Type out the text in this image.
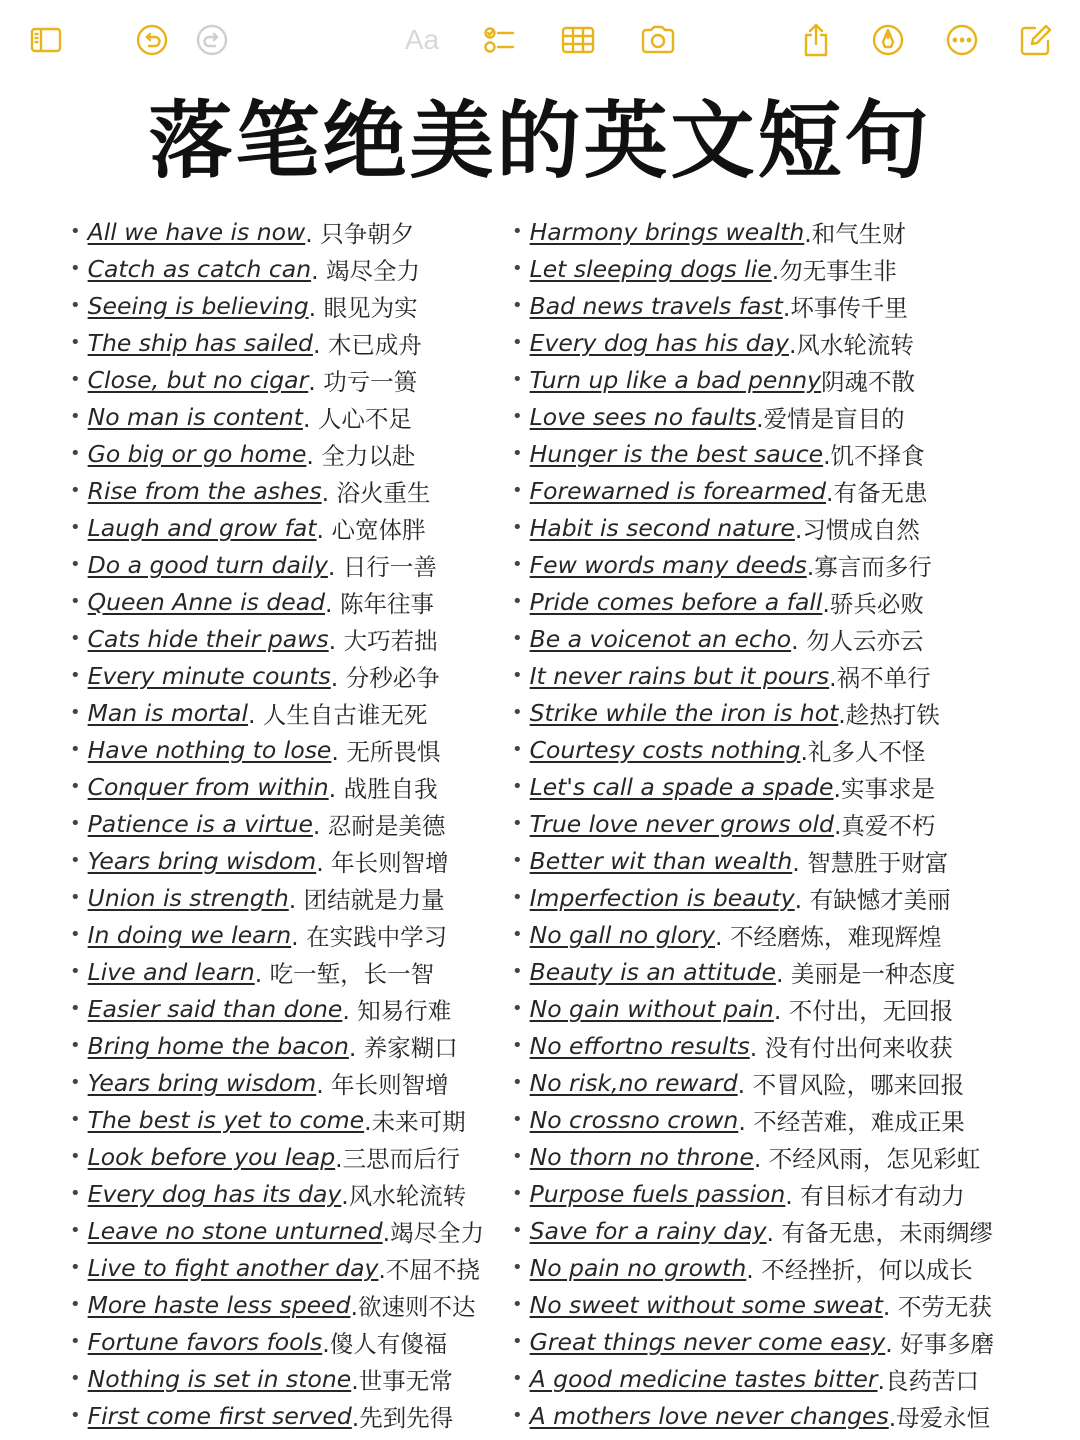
Aa
落笔绝美的英文短句
• All we have is now . 只争朝夕
• Catch as catch can . 竭尽全力
• Seeing is believing . 眼见为实
• The ship has sailed . 木已成舟
• Close, but no cigar . 功亏一篑
• No man is content . 人心不足
• Go big or go home . 全力以赴
• Rise from the ashes . 浴火重生
• Laugh and grow fat . 心宽体胖
• Do a good turn daily . 日行一善
• Queen Anne is dead . 陈年往事
• Cats hide their paws . 大巧若拙
• Every minute counts . 分秒必争
• Man is mortal . 人生自古谁无死
• Have nothing to lose . 无所畏惧
• Conquer from within . 战胜自我
• Patience is a virtue . 忍耐是美德
• Years bring wisdom . 年长则智增
• Union is strength . 团结就是力量
• In doing we learn . 在实践中学习
• Live and learn . 吃一堑，长一智
• Easier said than done . 知易行难
• Bring home the bacon . 养家糊口
• Years bring wisdom . 年长则智增
• The best is yet to come .未来可期
• Look before you leap .三思而后行
• Every dog has its day .风水轮流转
• Leave no stone unturned .竭尽全力
• Live to fight another day .不屈不挠
• More haste less speed .欲速则不达
• Fortune favors fools .傻人有傻福
• Nothing is set in stone .世事无常
• First come first served .先到先得
• Harmony brings wealth .和气生财
• Let sleeping dogs lie .勿无事生非
• Bad news travels fast .坏事传千里
• Every dog has his day .风水轮流转
• Turn up like a bad penny 阴魂不散
• Love sees no faults .爱情是盲目的
• Hunger is the best sauce .饥不择食
• Forewarned is forearmed .有备无患
• Habit is second nature .习惯成自然
• Few words many deeds .寡言而多行
• Pride comes before a fall .骄兵必败
• Be a voicenot an echo . 勿人云亦云
• It never rains but it pours .祸不单行
• Strike while the iron is hot .趁热打铁
• Courtesy costs nothing .礼多人不怪
• Let's call a spade a spade .实事求是
• True love never grows old .真爱不朽
• Better wit than wealth . 智慧胜于财富
• Imperfection is beauty . 有缺憾才美丽
• No gall no glory . 不经磨炼，难现辉煌
• Beauty is an attitude . 美丽是一种态度
• No gain without pain . 不付出，无回报
• No effortno results . 没有付出何来收获
• No risk,no reward . 不冒风险，哪来回报
• No crossno crown . 不经苦难，难成正果
• No thorn no throne . 不经风雨，怎见彩虹
• Purpose fuels passion . 有目标才有动力
• Save for a rainy day . 有备无患，未雨绸缪
• No pain no growth . 不经挫折，何以成长
• No sweet without some sweat . 不劳无获
• Great things never come easy . 好事多磨
• A good medicine tastes bitter .良药苦口
• A mothers love never changes .母爱永恒
